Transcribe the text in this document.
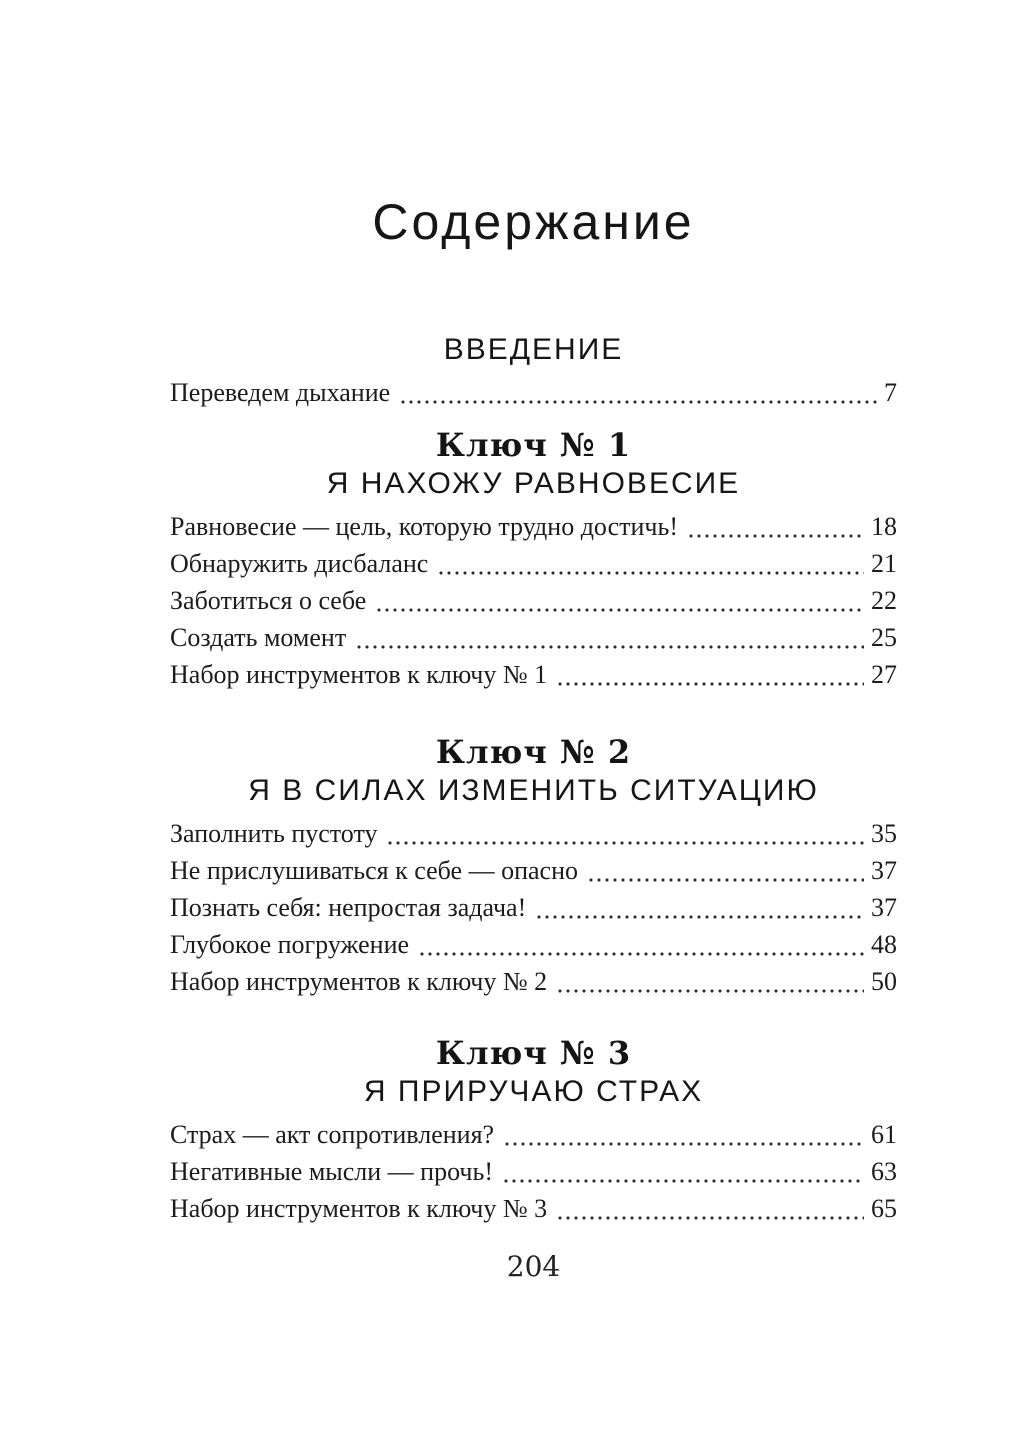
Содержание
ВВЕДЕНИЕ
Переведем дыхание	7
Ключ № 1
Я НАХОЖУ РАВНОВЕСИЕ
Равновесие — цель, которую трудно достичь!	18
Обнаружить дисбаланс	21
Заботиться о себе	22
Создать момент	25
Набор инструментов к ключу № 1	27
Ключ № 2
Я В СИЛАХ ИЗМЕНИТЬ СИТУАЦИЮ
Заполнить пустоту	35
Не прислушиваться к себе — опасно	37
Познать себя: непростая задача!	37
Глубокое погружение	48
Набор инструментов к ключу № 2	50
Ключ № 3
Я ПРИРУЧАЮ СТРАХ
Страх — акт сопротивления?	61
Негативные мысли — прочь!	63
Набор инструментов к ключу № 3	65
204
